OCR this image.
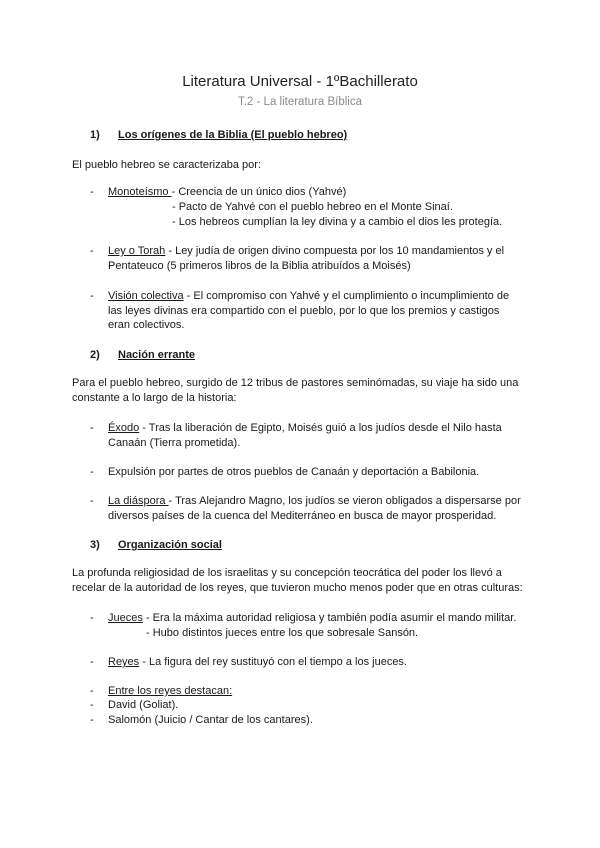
Literatura Universal - 1ºBachillerato
T.2 - La literatura Bíblica
1) Los orígenes de la Biblia (El pueblo hebreo)
El pueblo hebreo se caracterizaba por:
- Monoteísmo - Creencia de un único dios (Yahvé)
- Pacto de Yahvé con el pueblo hebreo en el Monte Sinaí.
- Los hebreos cumplían la ley divina y a cambio el dios les protegía.
- Ley o Torah - Ley judía de origen divino compuesta por los 10 mandamientos y el
Pentateuco (5 primeros libros de la Biblia atribuídos a Moisés)
- Visión colectiva - El compromiso con Yahvé y el cumplimiento o incumplimiento de
las leyes divinas era compartido con el pueblo, por lo que los premios y castigos
eran colectivos.
2) Nación errante
Para el pueblo hebreo, surgido de 12 tribus de pastores seminómadas, su viaje ha sido una
constante a lo largo de la historia:
- Éxodo - Tras la liberación de Egipto, Moisés guió a los judíos desde el Nilo hasta
Canaán (Tierra prometida).
- Expulsión por partes de otros pueblos de Canaán y deportación a Babilonia.
- La diáspora - Tras Alejandro Magno, los judíos se vieron obligados a dispersarse por
diversos países de la cuenca del Mediterráneo en busca de mayor prosperidad.
3) Organización social
La profunda religiosidad de los israelitas y su concepción teocrática del poder los llevó a
recelar de la autoridad de los reyes, que tuvieron mucho menos poder que en otras culturas:
- Jueces - Era la máxima autoridad religiosa y también podía asumir el mando militar.
- Hubo distintos jueces entre los que sobresale Sansón.
- Reyes - La figura del rey sustituyó con el tiempo a los jueces.
- Entre los reyes destacan:
- David (Goliat).
- Salomón (Juicio / Cantar de los cantares).
